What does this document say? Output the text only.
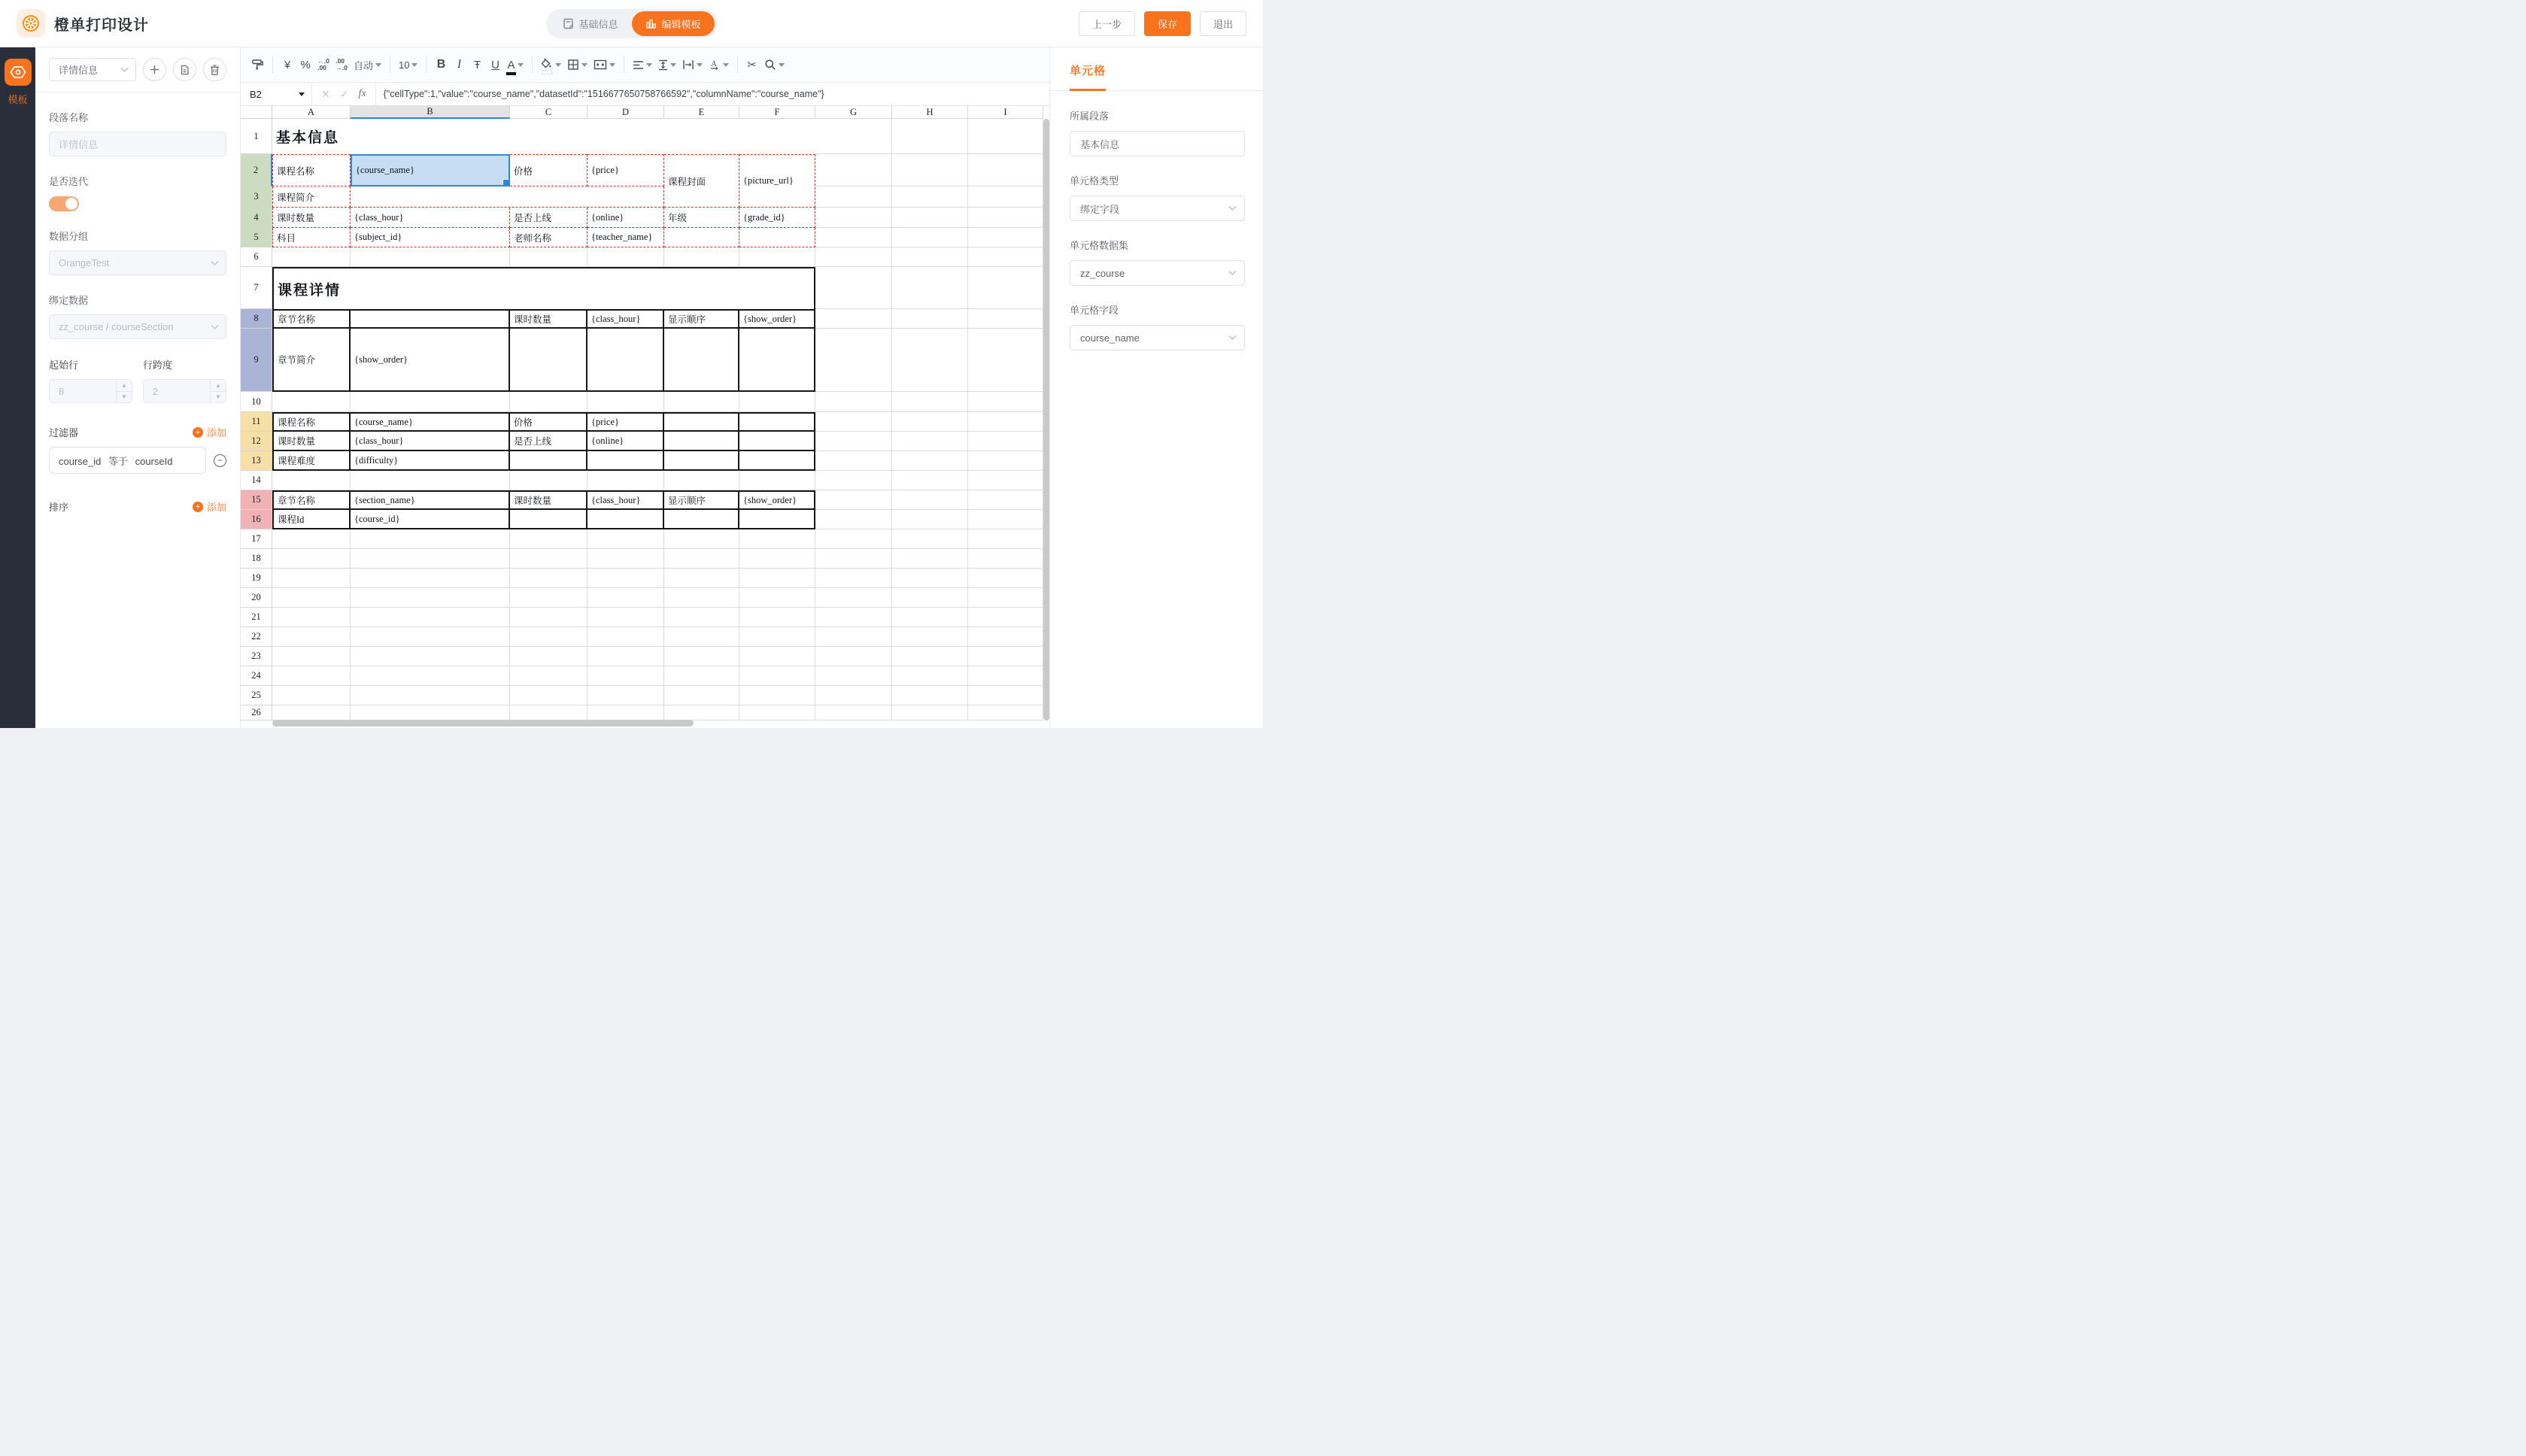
橙单打印设计	基础信息	编辑模板	上一步	保存	退出
模板
详情信息
段落名称
详情信息
是否迭代
数据分组
OrangeTest
绑定数据
zz_course / courseSection
起始行
8
▲
▼
行跨度
2
▲
▼
过滤器	+ 添加
course_id 等于 courseId	−
排序	+ 添加
¥ % ←.0
.00
.00
→.0 自动	10 B I Ŧ U A	A	✂
B2	✕ ✓ fx	{"cellType":1,"value":"course_name","datasetId":"1516677650758766592","columnName":"course_name"}
A	B	C	D	E	F	G	H	I
1
2
3
4
5
6
7
8
9
10
11
12
13
14
15
16
17
18
19
20
21
22
23
24
25
26
基本信息
课程名称	{course_name}	价格	{price}
课程封面	{picture_url}
课程简介
课时数量	{class_hour}	是否上线	{online}	年级	{grade_id}
科目	{subject_id}	老师名称	{teacher_name}
课程详情
章节名称	课时数量	{class_hour}	显示顺序	{show_order}
章节简介	{show_order}
课程名称	{course_name}	价格	{price}
课时数量	{class_hour}	是否上线	{online}
课程难度	{difficulty}
章节名称	{section_name}	课时数量	{class_hour}	显示顺序	{show_order}
课程Id	{course_id}
单元格
所属段落
基本信息
单元格类型
绑定字段
单元格数据集
zz_course
单元格字段
course_name
